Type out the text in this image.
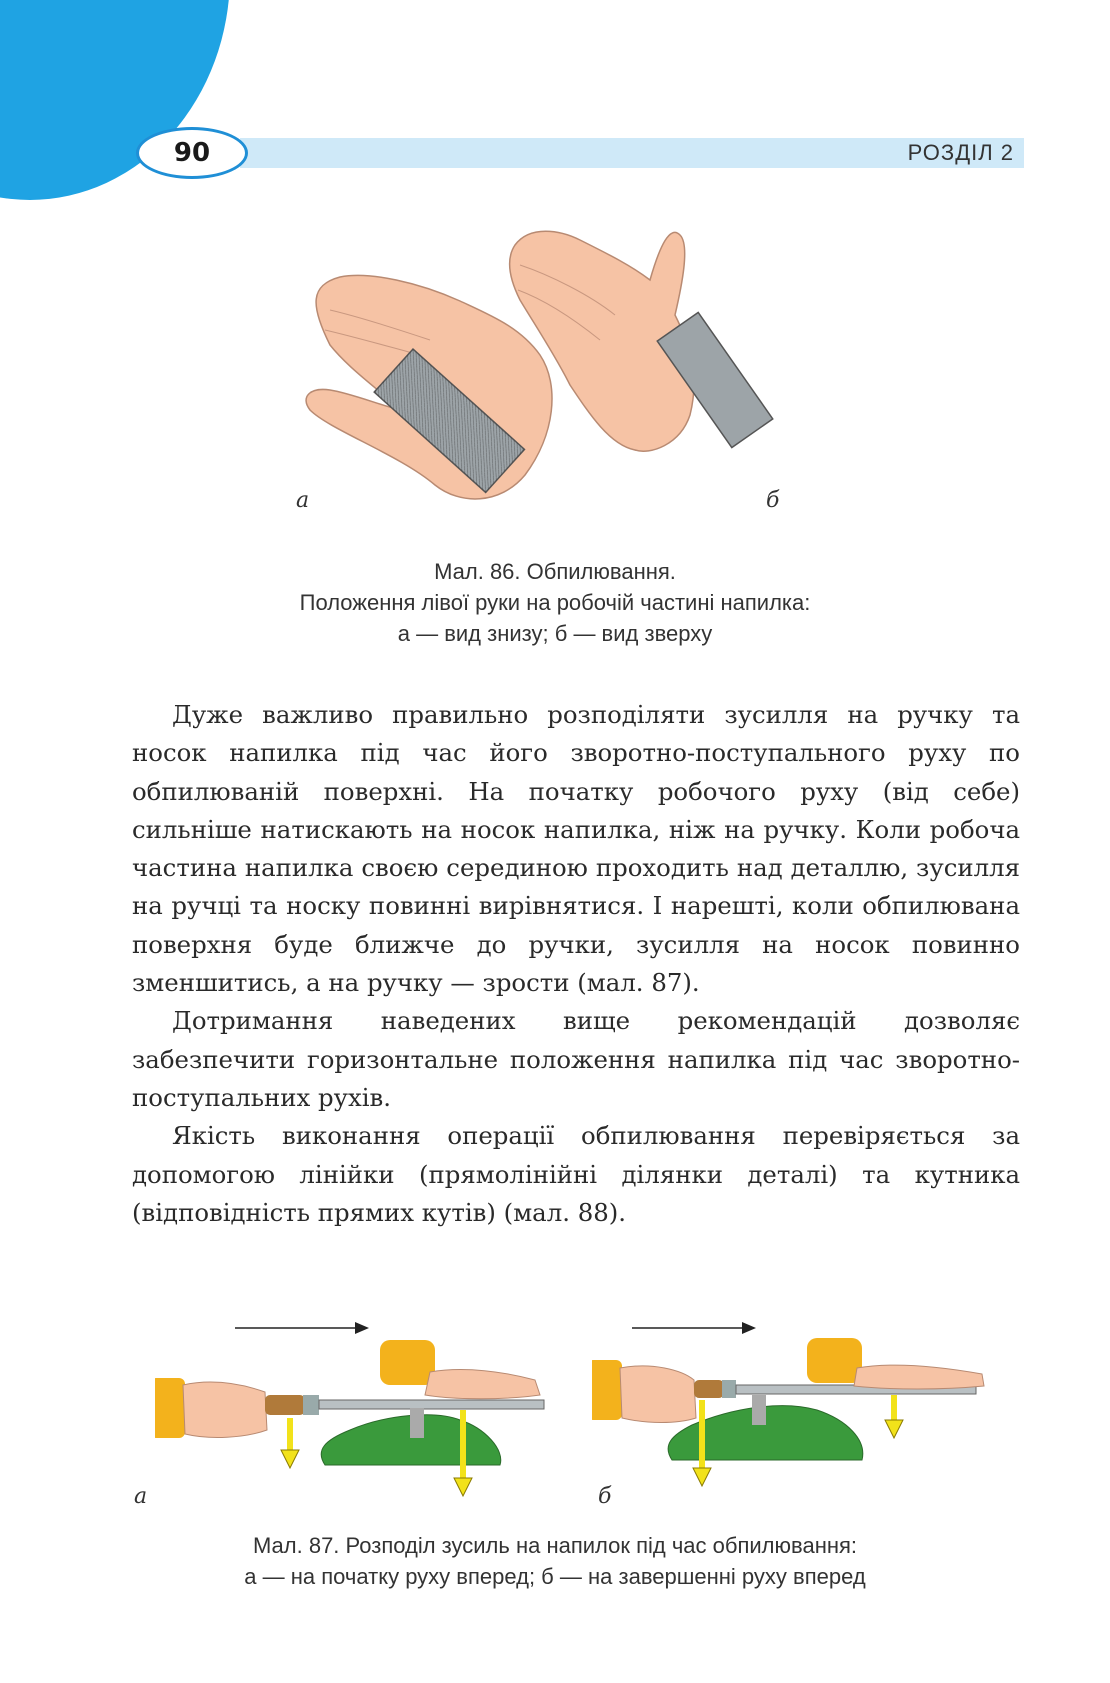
90	РОЗДІЛ 2
а	б
Мал. 86. Обпилювання.
Положення лівої руки на робочій частині напилка:
а — вид знизу; б — вид зверху

Дуже важливо правильно розподіляти зусилля на ручку та носок напилка під час його зворотно-поступального руху по обпилюваній поверхні. На початку робочого руху (від себе) сильніше натискають на носок напилка, ніж на ручку. Коли робоча частина напилка своєю серединою проходить над деталлю, зусилля на ручці та носку повинні вирівнятися. І нарешті, коли обпилювана поверхня буде ближче до ручки, зусилля на носок повинно зменшитись, а на ручку — зрости (мал. 87).

Дотримання наведених вище рекомендацій дозволяє забезпечити горизонтальне положення напилка під час зворотно-поступальних рухів.

Якість виконання операції обпилювання перевіряється за допомогою лінійки (прямолінійні ділянки деталі) та кутника (відповідність прямих кутів) (мал. 88).

а	б
Мал. 87. Розподіл зусиль на напилок під час обпилювання:
а — на початку руху вперед; б — на завершенні руху вперед
